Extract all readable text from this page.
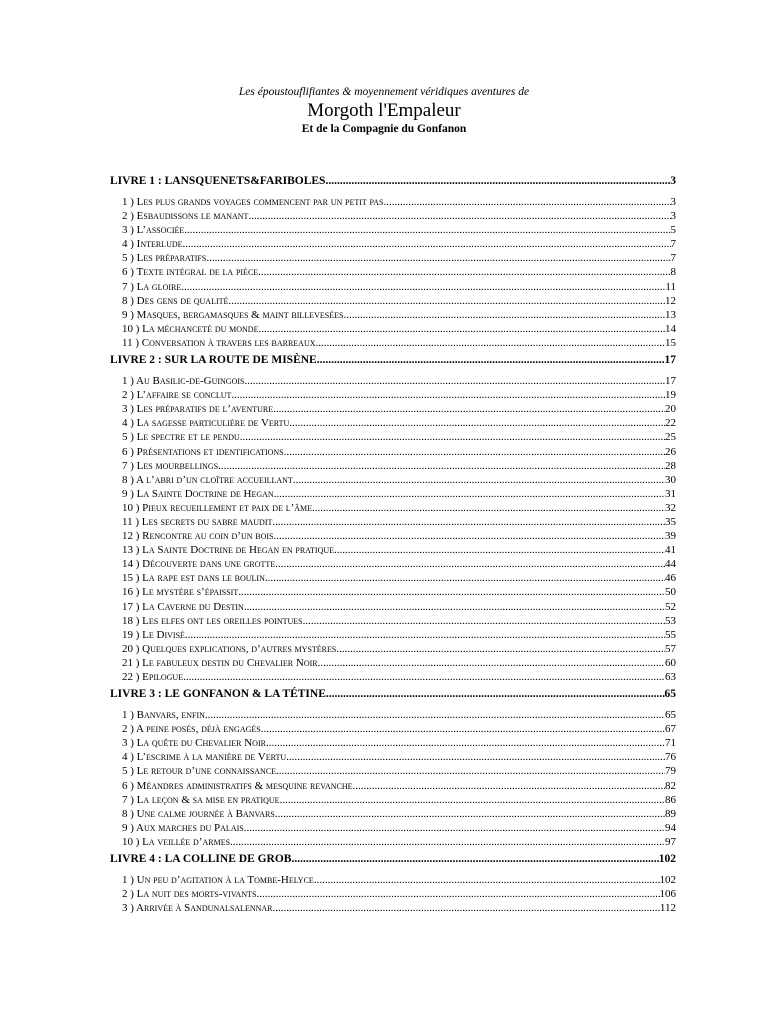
Les époustouflifiantes & moyennement véridiques aventures de
Morgoth l'Empaleur
Et de la Compagnie du Gonfanon
LIVRE 1 : LANSQUENETS&FARIBOLES .....	3
1 ) Les plus grands voyages commencent par un petit pas .....	3
2 ) Esbaudissons le manant .....	3
3 ) L’associée .....	5
4 ) Interlude .....	7
5 ) Les préparatifs .....	7
6 ) Texte intégral de la pièce .....	8
7 ) La gloire .....	11
8 ) Des gens de qualité .....	12
9 ) Masques, bergamasques & maint billevesées .....	13
10 ) La méchanceté du monde .....	14
11 ) Conversation à travers les barreaux .....	15
LIVRE 2 : SUR LA ROUTE DE MISÈNE .....	17
1 ) Au Basilic-de-Guingois .....	17
2 ) L’affaire se conclut .....	19
3 ) Les préparatifs de l’aventure .....	20
4 ) La sagesse particulière de Vertu .....	22
5 ) Le spectre et le pendu .....	25
6 ) Présentations et identifications .....	26
7 ) Les mourbellings .....	28
8 ) A l’abri d’un cloître accueillant .....	30
9 ) La Sainte Doctrine de Hegan .....	31
10 ) Pieux recueillement et paix de l’âme .....	32
11 ) Les secrets du sabre maudit .....	35
12 ) Rencontre au coin d’un bois .....	39
13 ) La Sainte Doctrine de Hegan en pratique .....	41
14 ) Découverte dans une grotte .....	44
15 ) La rape est dans le boulin .....	46
16 ) Le mystère s’épaissit .....	50
17 ) La Caverne du Destin .....	52
18 ) Les elfes ont les oreilles pointues .....	53
19 ) Le Divisé .....	55
20 ) Quelques explications, d’autres mystères .....	57
21 ) Le fabuleux destin du Chevalier Noir .....	60
22 ) Epilogue .....	63
LIVRE 3 : LE GONFANON & LA TÉTINE .....	65
1 ) Banvars, enfin .....	65
2 ) A peine posés, déjà engagés .....	67
3 ) La quête du Chevalier Noir .....	71
4 ) L’escrime à la manière de Vertu .....	76
5 ) Le retour d’une connaissance .....	79
6 ) Méandres administratifs & mesquine revanche .....	82
7 ) La leçon & sa mise en pratique .....	86
8 ) Une calme journée à Banvars .....	89
9 ) Aux marches du Palais .....	94
10 ) La veillée d’armes .....	97
LIVRE 4 : LA COLLINE DE GROB .....	102
1 ) Un peu d’agitation à la Tombe-Helyce .....	102
2 ) La nuit des morts-vivants .....	106
3 ) Arrivée à Sandunalsalennar .....	112
